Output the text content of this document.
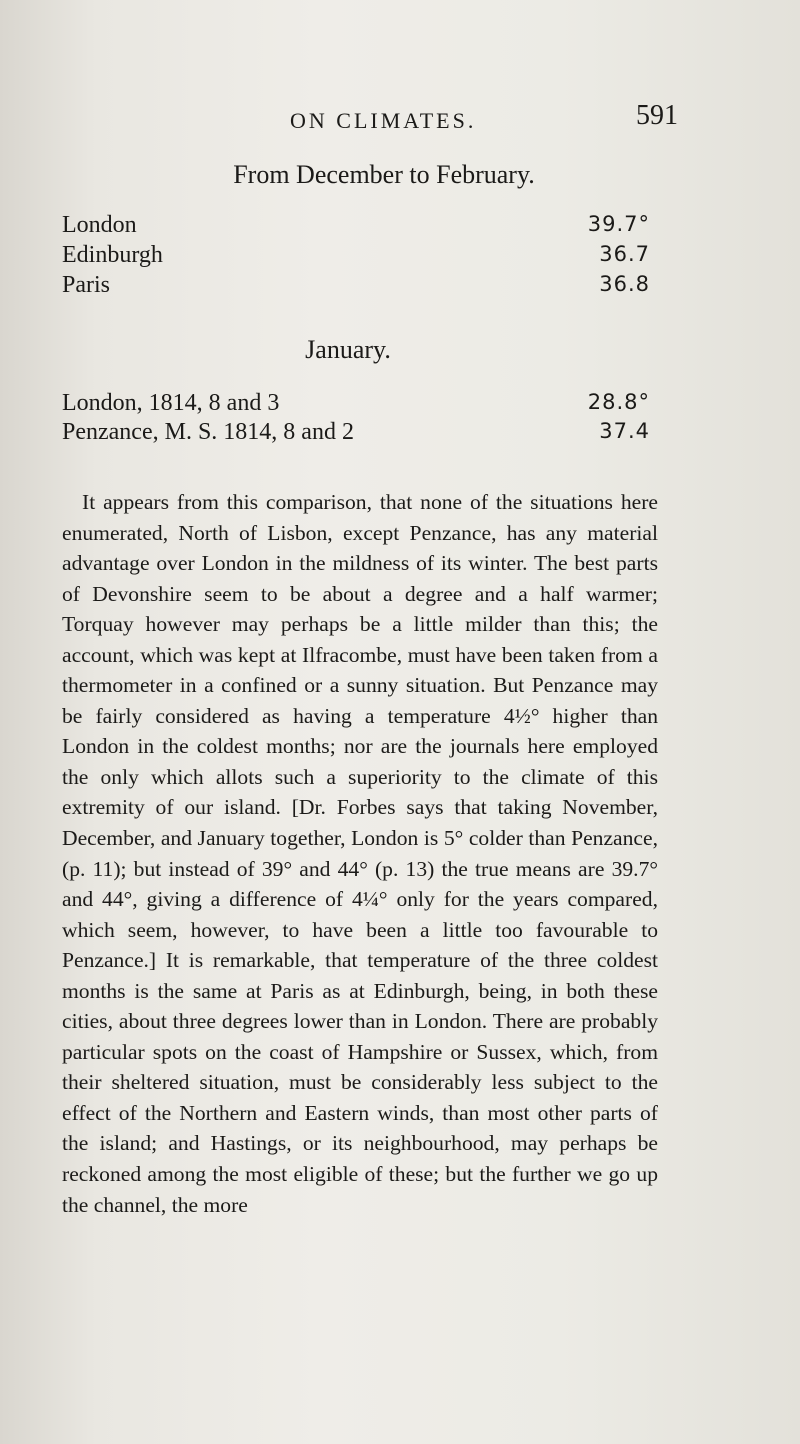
ON CLIMATES.	591
From December to February.
London	39.7°
Edinburgh	36.7
Paris	36.8
January.
London, 1814, 8 and 3	28.8°
Penzance, M. S. 1814, 8 and 2	37.4
It appears from this comparison, that none of the situations here enumerated, North of Lisbon, except Penzance, has any material advantage over London in the mildness of its winter. The best parts of Devonshire seem to be about a degree and a half warmer; Torquay however may perhaps be a little milder than this; the account, which was kept at Ilfracombe, must have been taken from a thermometer in a confined or a sunny situation. But Penzance may be fairly considered as having a temperature 4½° higher than London in the coldest months; nor are the journals here employed the only which allots such a superiority to the climate of this extremity of our island. [Dr. Forbes says that taking November, December, and January together, London is 5° colder than Penzance, (p. 11); but instead of 39° and 44° (p. 13) the true means are 39.7° and 44°, giving a difference of 4¼° only for the years compared, which seem, however, to have been a little too favourable to Penzance.] It is remarkable, that temperature of the three coldest months is the same at Paris as at Edinburgh, being, in both these cities, about three degrees lower than in London. There are probably particular spots on the coast of Hampshire or Sussex, which, from their sheltered situation, must be considerably less subject to the effect of the Northern and Eastern winds, than most other parts of the island; and Hastings, or its neighbourhood, may perhaps be reckoned among the most eligible of these; but the further we go up the channel, the more
